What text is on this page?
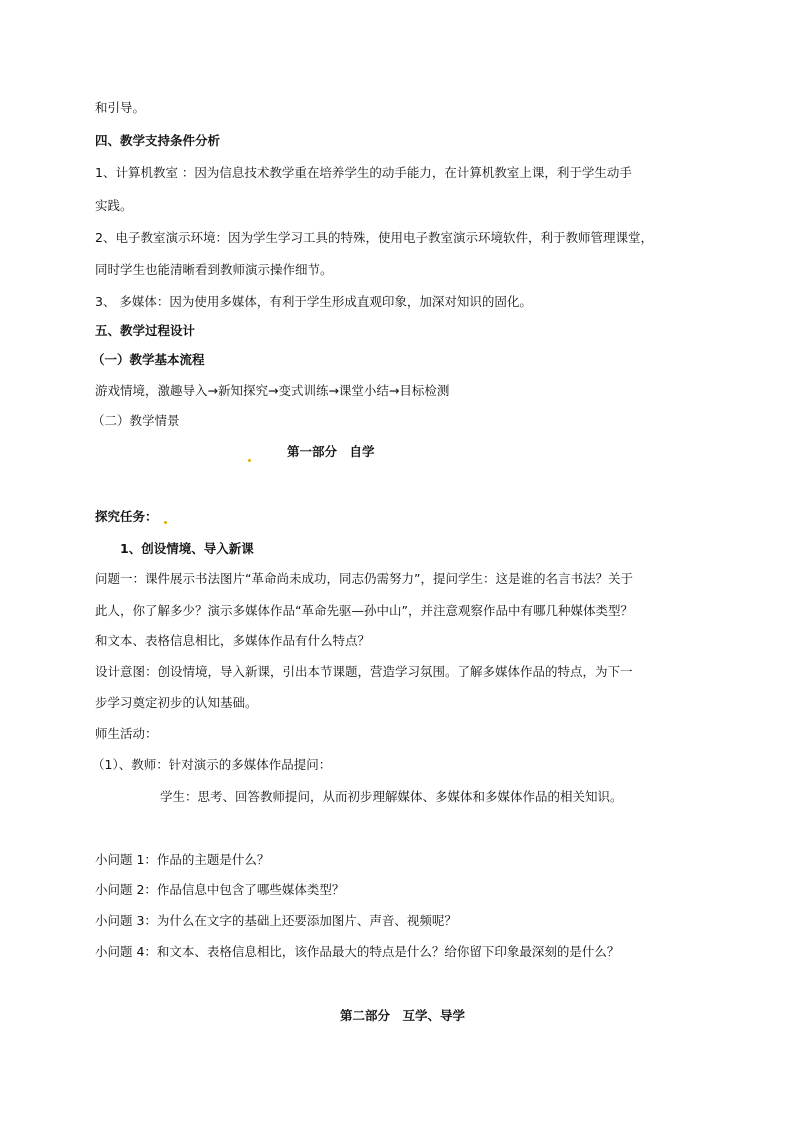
和引导。
四、教学支持条件分析
1、计算机教室 ：因为信息技术教学重在培养学生的动手能力，在计算机教室上课，利于学生动手
实践。
2、电子教室演示环境：因为学生学习工具的特殊，使用电子教室演示环境软件，利于教师管理课堂，
同时学生也能清晰看到教师演示操作细节。
3、 多媒体：因为使用多媒体，有利于学生形成直观印象，加深对知识的固化。
五、教学过程设计
（一）教学基本流程
游戏情境，激趣导入→新知探究→变式训练→课堂小结→目标检测
（二）教学情景
第一部分　自学
探究任务：
1、创设情境、导入新课
问题一：课件展示书法图片“革命尚未成功，同志仍需努力”，提问学生：这是谁的名言书法？关于
此人，你了解多少？演示多媒体作品“革命先驱—孙中山”，并注意观察作品中有哪几种媒体类型？
和文本、表格信息相比，多媒体作品有什么特点？
设计意图：创设情境，导入新课，引出本节课题，营造学习氛围。了解多媒体作品的特点，为下一
步学习奠定初步的认知基础。
师生活动：
（1）、教师：针对演示的多媒体作品提问：
学生：思考、回答教师提问，从而初步理解媒体、多媒体和多媒体作品的相关知识。
小问题 1：作品的主题是什么？
小问题 2：作品信息中包含了哪些媒体类型？
小问题 3：为什么在文字的基础上还要添加图片、声音、视频呢？
小问题 4：和文本、表格信息相比，该作品最大的特点是什么？给你留下印象最深刻的是什么？
第二部分　互学、导学
